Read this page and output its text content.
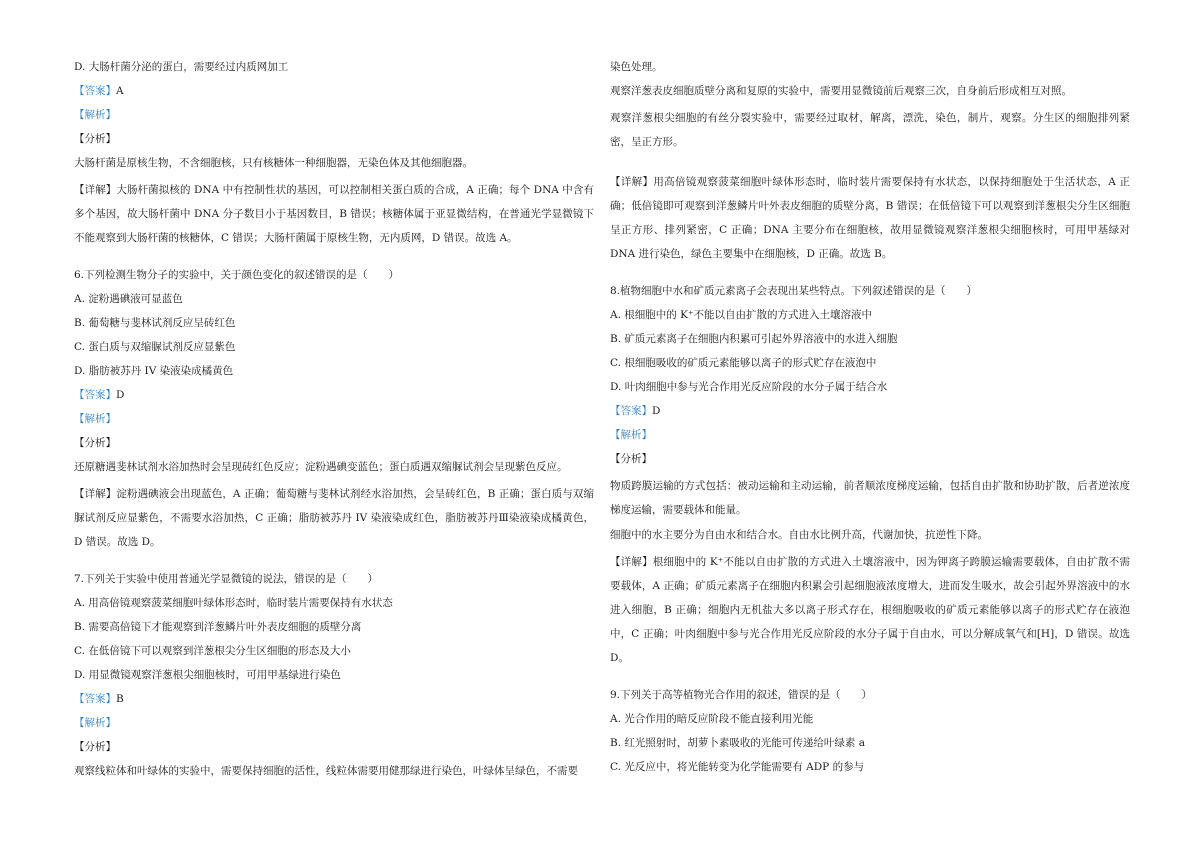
D. 大肠杆菌分泌的蛋白，需要经过内质网加工

【答案】A

【解析】

【分析】

大肠杆菌是原核生物，不含细胞核，只有核糖体一种细胞器，无染色体及其他细胞器。

【详解】大肠杆菌拟核的 DNA 中有控制性状的基因，可以控制相关蛋白质的合成，A 正确；每个 DNA 中含有多个基因，故大肠杆菌中 DNA 分子数目小于基因数目，B 错误；核糖体属于亚显微结构，在普通光学显微镜下不能观察到大肠杆菌的核糖体，C 错误；大肠杆菌属于原核生物，无内质网，D 错误。故选 A。

6.下列检测生物分子的实验中，关于颜色变化的叙述错误的是（　　）

A. 淀粉遇碘液可显蓝色

B. 葡萄糖与斐林试剂反应呈砖红色

C. 蛋白质与双缩脲试剂反应显紫色

D. 脂肪被苏丹 IV 染液染成橘黄色

【答案】D

【解析】

【分析】

还原糖遇斐林试剂水浴加热时会呈现砖红色反应；淀粉遇碘变蓝色；蛋白质遇双缩脲试剂会呈现紫色反应。

【详解】淀粉遇碘液会出现蓝色，A 正确；葡萄糖与斐林试剂经水浴加热，会呈砖红色，B 正确；蛋白质与双缩脲试剂反应显紫色，不需要水浴加热，C 正确；脂肪被苏丹 IV 染液染成红色，脂肪被苏丹Ⅲ染液染成橘黄色，D 错误。故选 D。

7.下列关于实验中使用普通光学显微镜的说法，错误的是（　　）

A. 用高倍镜观察菠菜细胞叶绿体形态时，临时装片需要保持有水状态

B. 需要高倍镜下才能观察到洋葱鳞片叶外表皮细胞的质壁分离

C. 在低倍镜下可以观察到洋葱根尖分生区细胞的形态及大小

D. 用显微镜观察洋葱根尖细胞核时，可用甲基绿进行染色

【答案】B

【解析】

【分析】

观察线粒体和叶绿体的实验中，需要保持细胞的活性，线粒体需要用健那绿进行染色，叶绿体呈绿色，不需要

染色处理。

观察洋葱表皮细胞质壁分离和复原的实验中，需要用显微镜前后观察三次，自身前后形成相互对照。

观察洋葱根尖细胞的有丝分裂实验中，需要经过取材，解离，漂洗，染色，制片，观察。分生区的细胞排列紧密，呈正方形。

【详解】用高倍镜观察菠菜细胞叶绿体形态时，临时装片需要保持有水状态，以保持细胞处于生活状态，A 正确；低倍镜即可观察到洋葱鳞片叶外表皮细胞的质壁分离，B 错误；在低倍镜下可以观察到洋葱根尖分生区细胞呈正方形、排列紧密，C 正确；DNA 主要分布在细胞核，故用显微镜观察洋葱根尖细胞核时，可用甲基绿对 DNA 进行染色，绿色主要集中在细胞核，D 正确。故选 B。

8.植物细胞中水和矿质元素离子会表现出某些特点。下列叙述错误的是（　　）

A. 根细胞中的 K⁺不能以自由扩散的方式进入土壤溶液中

B. 矿质元素离子在细胞内积累可引起外界溶液中的水进入细胞

C. 根细胞吸收的矿质元素能够以离子的形式贮存在液泡中

D. 叶肉细胞中参与光合作用光反应阶段的水分子属于结合水

【答案】D

【解析】

【分析】

物质跨膜运输的方式包括：被动运输和主动运输，前者顺浓度梯度运输，包括自由扩散和协助扩散，后者逆浓度梯度运输，需要载体和能量。

细胞中的水主要分为自由水和结合水。自由水比例升高，代谢加快，抗逆性下降。

【详解】根细胞中的 K⁺不能以自由扩散的方式进入土壤溶液中，因为钾离子跨膜运输需要载体，自由扩散不需要载体，A 正确；矿质元素离子在细胞内积累会引起细胞液浓度增大，进而发生吸水，故会引起外界溶液中的水进入细胞，B 正确；细胞内无机盐大多以离子形式存在，根细胞吸收的矿质元素能够以离子的形式贮存在液泡中，C 正确；叶肉细胞中参与光合作用光反应阶段的水分子属于自由水，可以分解成氧气和[H]，D 错误。故选 D。

9.下列关于高等植物光合作用的叙述，错误的是（　　）

A. 光合作用的暗反应阶段不能直接利用光能

B. 红光照射时，胡萝卜素吸收的光能可传递给叶绿素 a

C. 光反应中，将光能转变为化学能需要有 ADP 的参与
